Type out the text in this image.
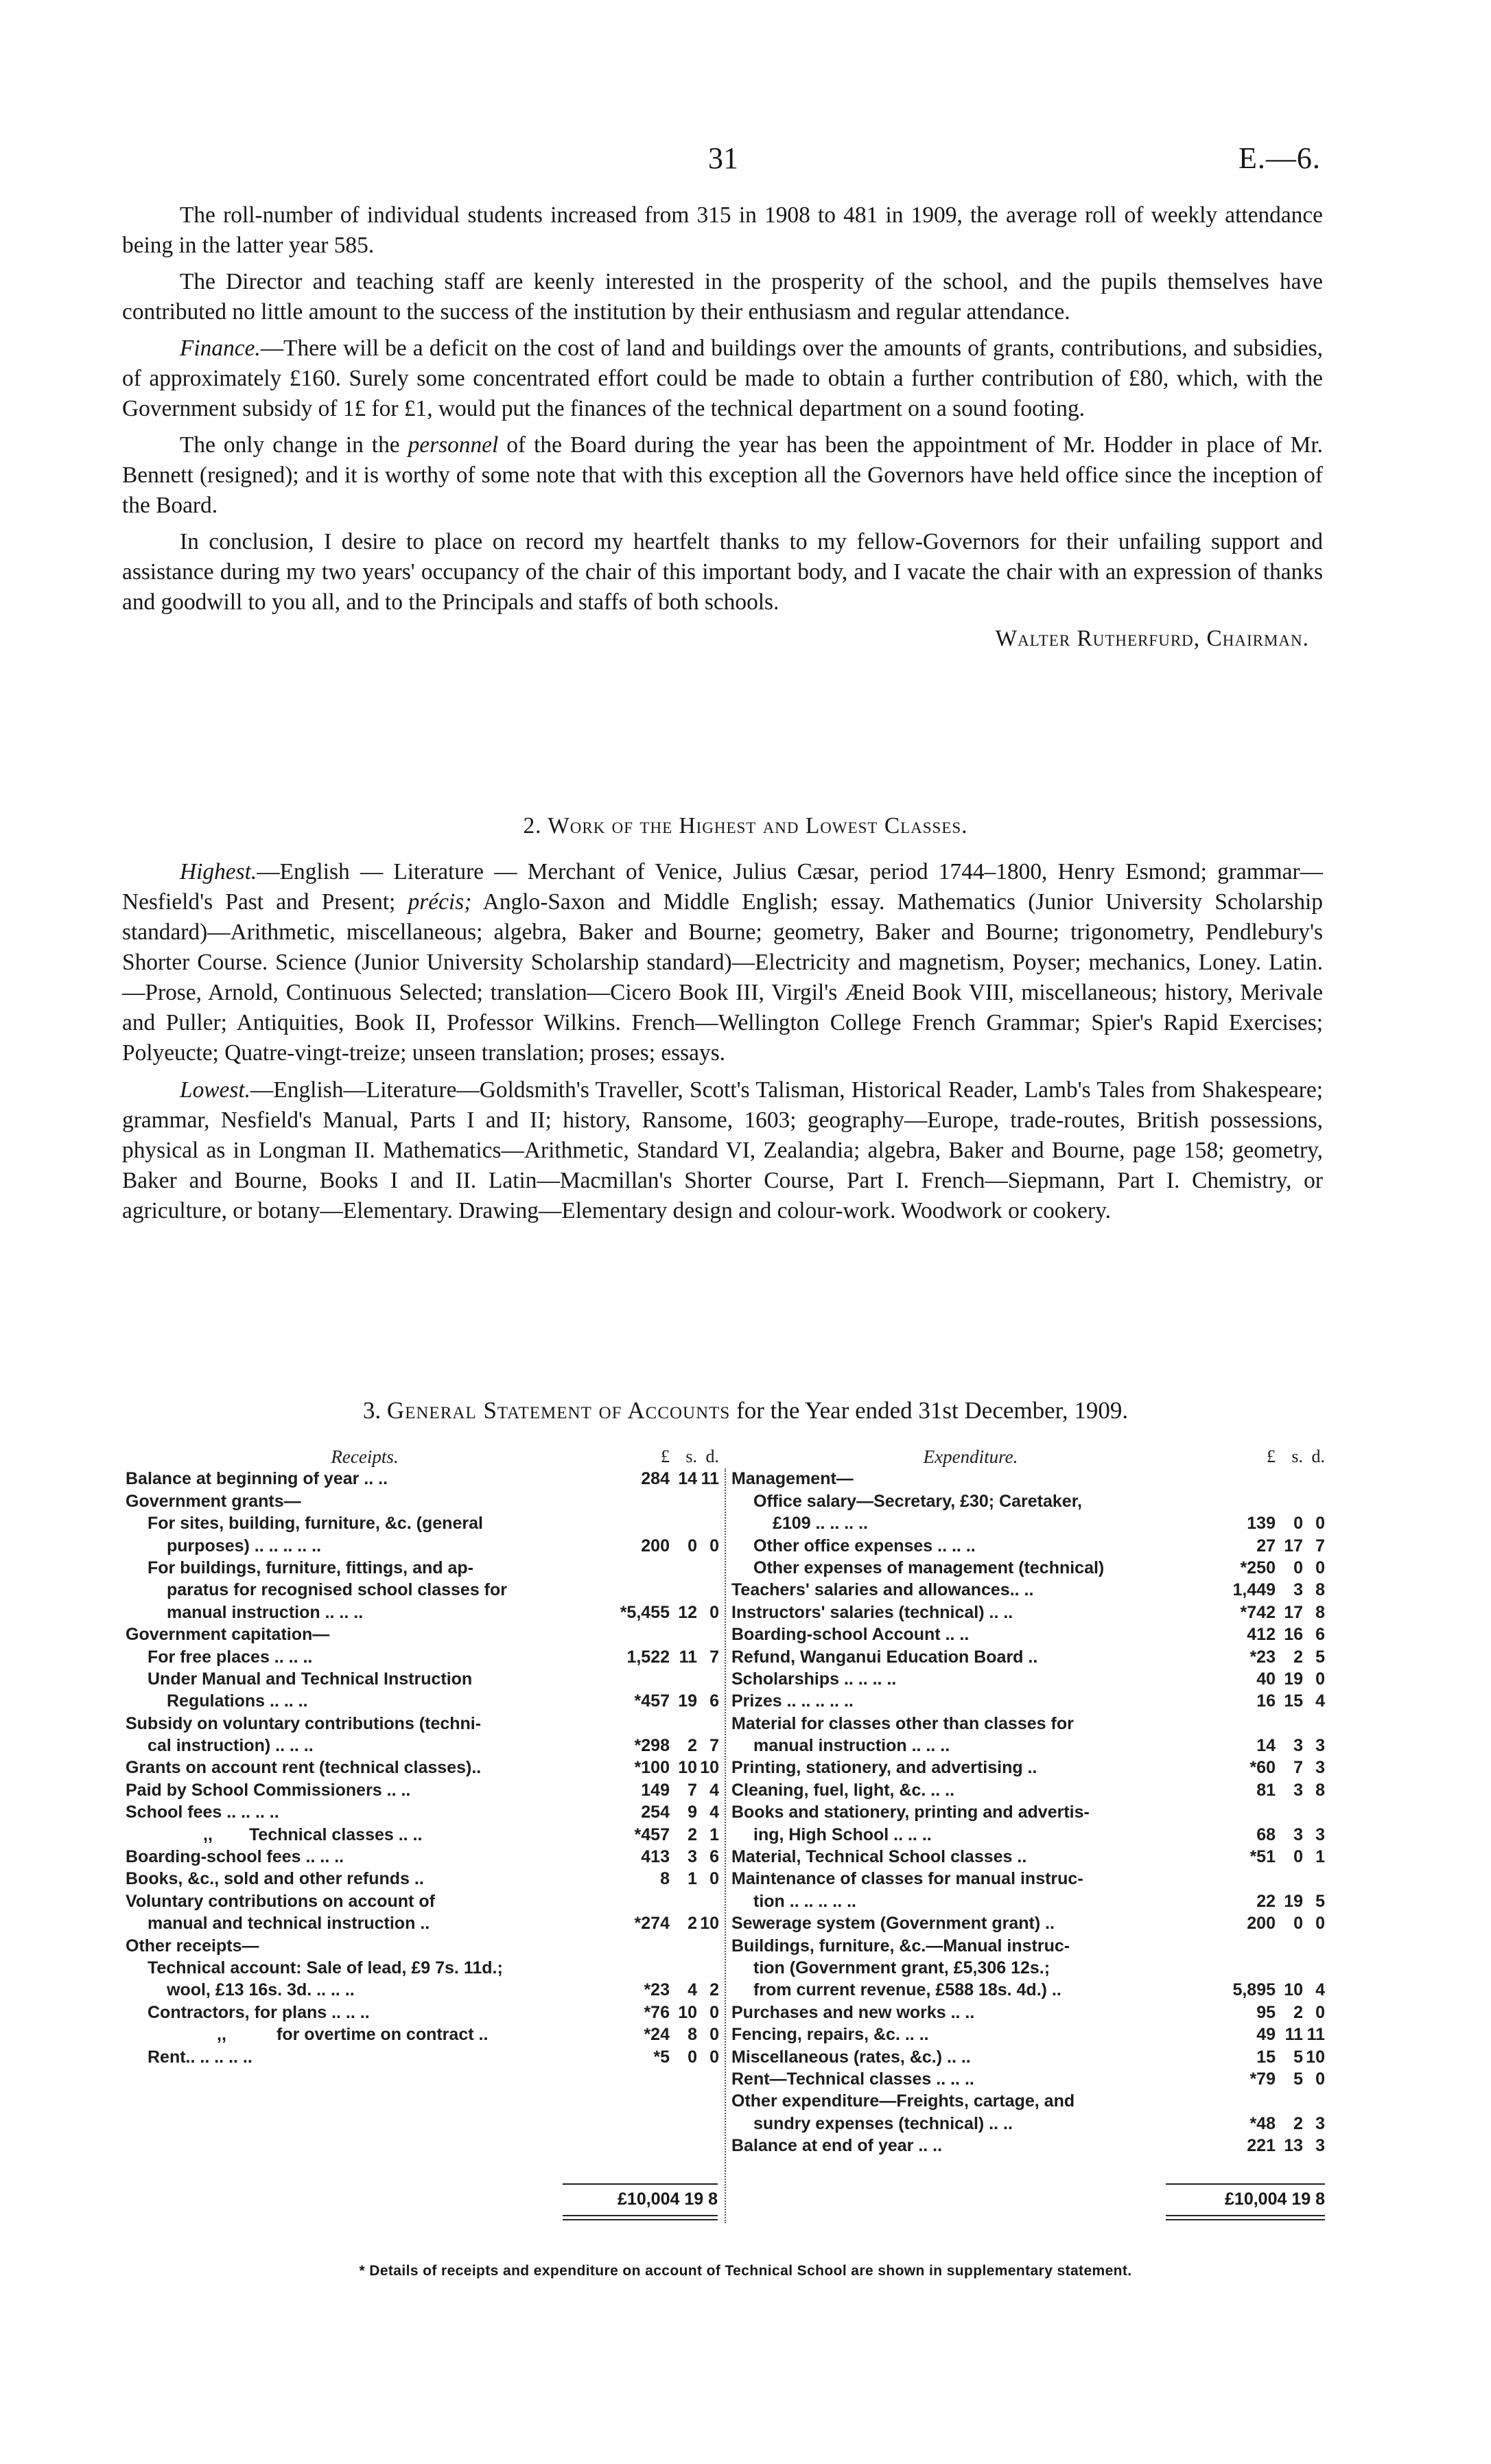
31	E.—6.

The roll-number of individual students increased from 315 in 1908 to 481 in 1909, the average roll of weekly attendance being in the latter year 585.

The Director and teaching staff are keenly interested in the prosperity of the school, and the pupils themselves have contributed no little amount to the success of the institution by their enthusiasm and regular attendance.

Finance.—There will be a deficit on the cost of land and buildings over the amounts of grants, contributions, and subsidies, of approximately £160. Surely some concentrated effort could be made to obtain a further contribution of £80, which, with the Government subsidy of 1£ for £1, would put the finances of the technical department on a sound footing.

The only change in the personnel of the Board during the year has been the appointment of Mr. Hodder in place of Mr. Bennett (resigned); and it is worthy of some note that with this exception all the Governors have held office since the inception of the Board.

In conclusion, I desire to place on record my heartfelt thanks to my fellow-Governors for their unfailing support and assistance during my two years' occupancy of the chair of this important body, and I vacate the chair with an expression of thanks and goodwill to you all, and to the Principals and staffs of both schools.

Walter Rutherfurd, Chairman.
2. Work of the Highest and Lowest Classes.

Highest.—English — Literature — Merchant of Venice, Julius Cæsar, period 1744–1800, Henry Esmond; grammar—Nesfield's Past and Present; précis; Anglo-Saxon and Middle English; essay. Mathematics (Junior University Scholarship standard)—Arithmetic, miscellaneous; algebra, Baker and Bourne; geometry, Baker and Bourne; trigonometry, Pendlebury's Shorter Course. Science (Junior University Scholarship standard)—Electricity and magnetism, Poyser; mechanics, Loney. Latin.—Prose, Arnold, Continuous Selected; translation—Cicero Book III, Virgil's Æneid Book VIII, miscellaneous; history, Merivale and Puller; Antiquities, Book II, Professor Wilkins. French—Wellington College French Grammar; Spier's Rapid Exercises; Polyeucte; Quatre-vingt-treize; unseen translation; proses; essays.

Lowest.—English—Literature—Goldsmith's Traveller, Scott's Talisman, Historical Reader, Lamb's Tales from Shakespeare; grammar, Nesfield's Manual, Parts I and II; history, Ransome, 1603; geography—Europe, trade-routes, British possessions, physical as in Longman II. Mathematics—Arithmetic, Standard VI, Zealandia; algebra, Baker and Bourne, page 158; geometry, Baker and Bourne, Books I and II. Latin—Macmillan's Shorter Course, Part I. French—Siepmann, Part I. Chemistry, or agriculture, or botany—Elementary. Drawing—Elementary design and colour-work. Woodwork or cookery.

3. General Statement of Accounts for the Year ended 31st December, 1909.
Receipts.	£ s. d.
Balance at beginning of year .. ..	284 14 11
Government grants—
For sites, building, furniture, &c. (general
purposes) .. .. .. .. ..	200	0 0
For buildings, furniture, fittings, and ap-
paratus for recognised school classes for
manual instruction .. .. ..	*5,455 12 0
Government capitation—
For free places .. .. ..	1,522 11 7
Under Manual and Technical Instruction
Regulations .. .. ..	*457 19 6
Subsidy on voluntary contributions (techni-
cal instruction) .. .. ..	*298	2 7
Grants on account rent (technical classes)..	*100 10 10
Paid by School Commissioners .. ..	149	7 4
School fees .. .. .. ..	254	9 4
,, Technical classes .. ..	*457	2 1
Boarding-school fees .. .. ..	413	3 6
Books, &c., sold and other refunds ..	8	1 0
Voluntary contributions on account of
manual and technical instruction ..	*274	2 10
Other receipts—
Technical account: Sale of lead, £9 7s. 11d.;
wool, £13 16s. 3d. .. .. ..	*23	4 2
Contractors, for plans .. .. ..	*76 10 0
,,	for overtime on contract ..	*24	8 0
Rent.. .. .. .. ..	*5	0 0
Expenditure.	£ s. d.
Management—
Office salary—Secretary, £30; Caretaker,
£109 .. .. .. ..	139	0 0
Other office expenses .. .. ..	27 17 7
Other expenses of management (technical)	*250	0 0
Teachers' salaries and allowances.. ..	1,449	3 8
Instructors' salaries (technical) .. ..	*742 17 8
Boarding-school Account .. ..	412 16 6
Refund, Wanganui Education Board ..	*23	2 5
Scholarships .. .. .. ..	40 19 0
Prizes .. .. .. .. ..	16 15 4
Material for classes other than classes for
manual instruction .. .. ..	14	3 3
Printing, stationery, and advertising ..	*60	7 3
Cleaning, fuel, light, &c. .. ..	81	3 8
Books and stationery, printing and advertis-
ing, High School .. .. ..	68	3 3
Material, Technical School classes ..	*51	0 1
Maintenance of classes for manual instruc-
tion .. .. .. .. ..	22 19 5
Sewerage system (Government grant) ..	200	0 0
Buildings, furniture, &c.—Manual instruc-
tion (Government grant, £5,306 12s.;
from current revenue, £588 18s. 4d.) ..	5,895 10 4
Purchases and new works .. ..	95	2 0
Fencing, repairs, &c. .. ..	49 11 11
Miscellaneous (rates, &c.) .. ..	15	5 10
Rent—Technical classes .. .. ..	*79	5 0
Other expenditure—Freights, cartage, and
sundry expenses (technical) .. ..	*48	2 3
Balance at end of year .. ..	221 13 3
£10,004 19 8	£10,004 19 8
* Details of receipts and expenditure on account of Technical School are shown in supplementary statement.
